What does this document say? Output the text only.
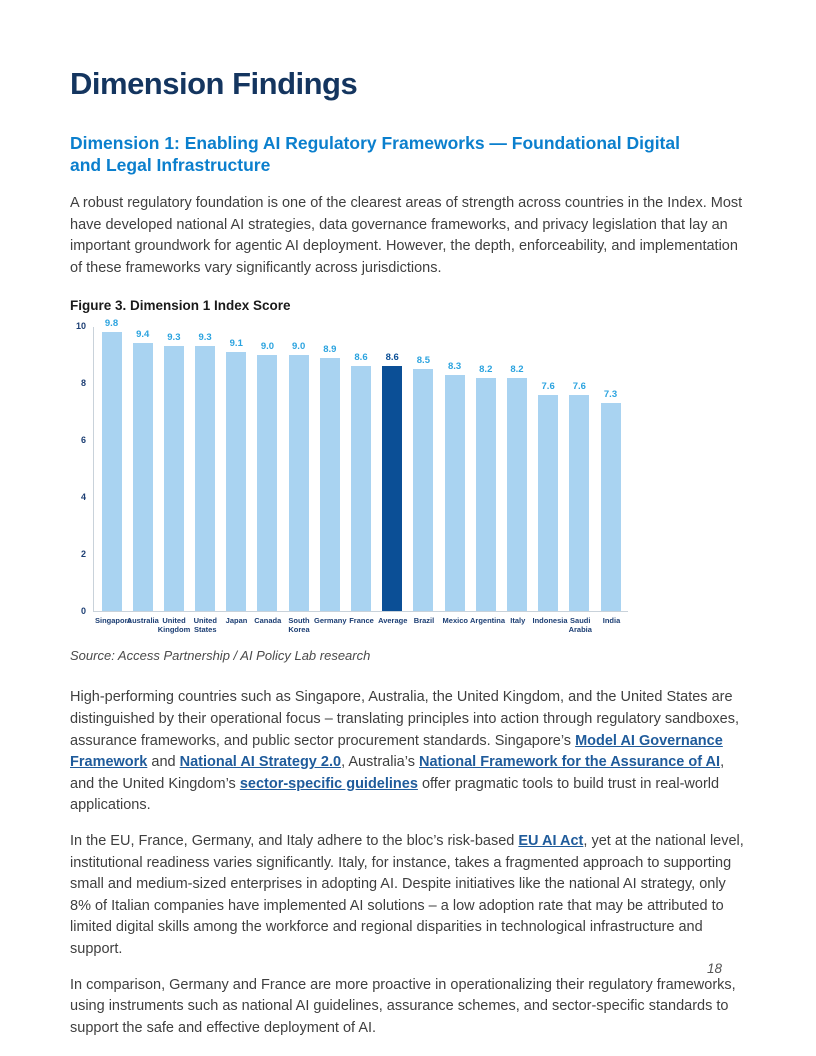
Dimension Findings
Dimension 1: Enabling AI Regulatory Frameworks — Foundational Digital and Legal Infrastructure

A robust regulatory foundation is one of the clearest areas of strength across countries in the Index. Most have developed national AI strategies, data governance frameworks, and privacy legislation that lay an important groundwork for agentic AI deployment. However, the depth, enforceability, and implementation of these frameworks vary significantly across jurisdictions.

Figure 3. Dimension 1 Index Score
9.8
9.4 9.3 9.3
9.1 9.0 9.0 8.9
8.6 8.6 8.5
8.3 8.2 8.2
7.6 7.6
7.3
0
2
4
6
8
10
Singapore
Australia United Kingdom
United States
Japan Canada South Korea
Germany France Average Brazil	Mexico Argentina Italy Indonesia Saudi Arabia
India
Source: Access Partnership / AI Policy Lab research

High-performing countries such as Singapore, Australia, the United Kingdom, and the United States are distinguished by their operational focus – translating principles into action through regulatory sandboxes, assurance frameworks, and public sector procurement standards. Singapore’s Model AI Governance Framework and National AI Strategy 2.0, Australia’s National Framework for the Assurance of AI, and the United Kingdom’s sector-specific guidelines offer pragmatic tools to build trust in real-world applications.

In the EU, France, Germany, and Italy adhere to the bloc’s risk-based EU AI Act, yet at the national level, institutional readiness varies significantly. Italy, for instance, takes a fragmented approach to supporting small and medium-sized enterprises in adopting AI. Despite initiatives like the national AI strategy, only 8% of Italian companies have implemented AI solutions – a low adoption rate that may be attributed to limited digital skills among the workforce and regional disparities in technological infrastructure and support.

In comparison, Germany and France are more proactive in operationalizing their regulatory frameworks, using instruments such as national AI guidelines, assurance schemes, and sector-specific standards to support the safe and effective deployment of AI.

18
